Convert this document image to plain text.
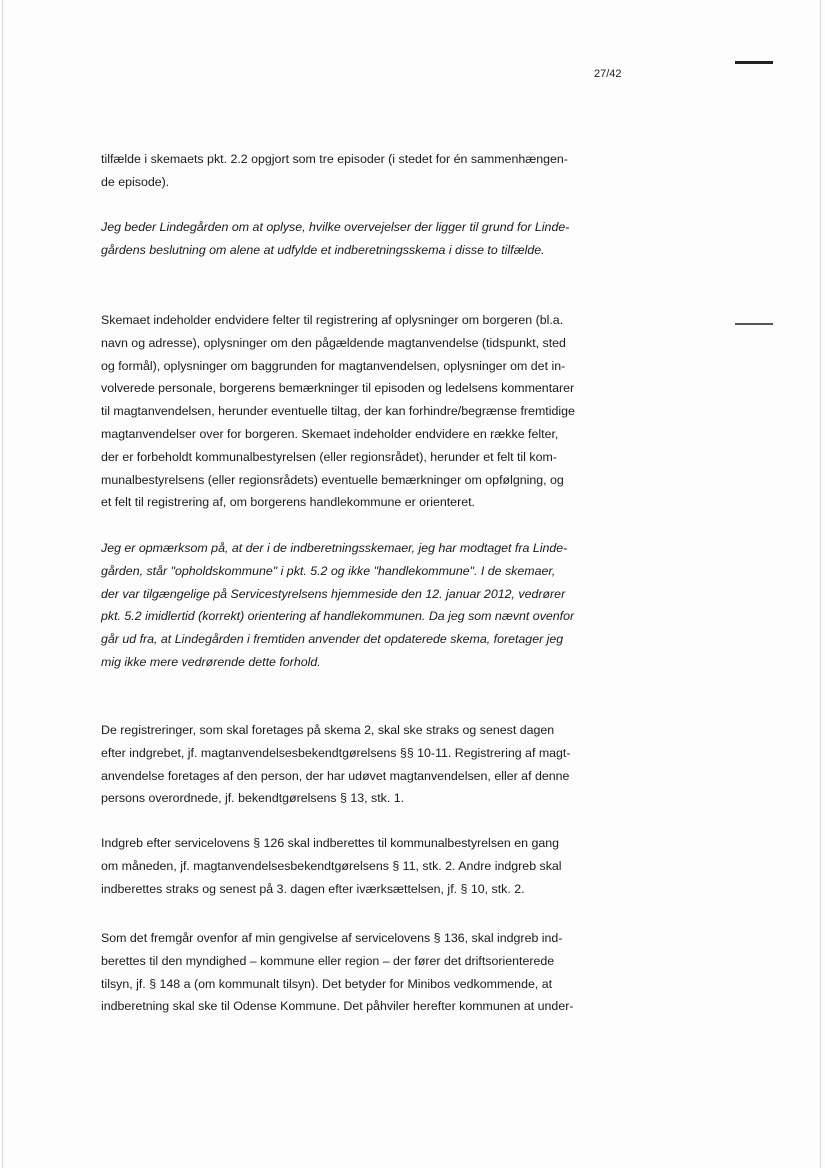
27/42

tilfælde i skemaets pkt. 2.2 opgjort som tre episoder (i stedet for én sammenhængen-
de episode).

Jeg beder Lindegården om at oplyse, hvilke overvejelser der ligger til grund for Linde-
gårdens beslutning om alene at udfylde et indberetningsskema i disse to tilfælde.

Skemaet indeholder endvidere felter til registrering af oplysninger om borgeren (bl.a.
navn og adresse), oplysninger om den pågældende magtanvendelse (tidspunkt, sted
og formål), oplysninger om baggrunden for magtanvendelsen, oplysninger om det in-
volverede personale, borgerens bemærkninger til episoden og ledelsens kommentarer
til magtanvendelsen, herunder eventuelle tiltag, der kan forhindre/begrænse fremtidige
magtanvendelser over for borgeren. Skemaet indeholder endvidere en række felter,
der er forbeholdt kommunalbestyrelsen (eller regionsrådet), herunder et felt til kom-
munalbestyrelsens (eller regionsrådets) eventuelle bemærkninger om opfølgning, og
et felt til registrering af, om borgerens handlekommune er orienteret.

Jeg er opmærksom på, at der i de indberetningsskemaer, jeg har modtaget fra Linde-
gården, står "opholdskommune" i pkt. 5.2 og ikke "handlekommune". I de skemaer,
der var tilgængelige på Servicestyrelsens hjemmeside den 12. januar 2012, vedrører
pkt. 5.2 imidlertid (korrekt) orientering af handlekommunen. Da jeg som nævnt ovenfor
går ud fra, at Lindegården i fremtiden anvender det opdaterede skema, foretager jeg
mig ikke mere vedrørende dette forhold.

De registreringer, som skal foretages på skema 2, skal ske straks og senest dagen
efter indgrebet, jf. magtanvendelsesbekendtgørelsens §§ 10-11. Registrering af magt-
anvendelse foretages af den person, der har udøvet magtanvendelsen, eller af denne
persons overordnede, jf. bekendtgørelsens § 13, stk. 1.

Indgreb efter servicelovens § 126 skal indberettes til kommunalbestyrelsen en gang
om måneden, jf. magtanvendelsesbekendtgørelsens § 11, stk. 2. Andre indgreb skal
indberettes straks og senest på 3. dagen efter iværksættelsen, jf. § 10, stk. 2.

Som det fremgår ovenfor af min gengivelse af servicelovens § 136, skal indgreb ind-
berettes til den myndighed – kommune eller region – der fører det driftsorienterede
tilsyn, jf. § 148 a (om kommunalt tilsyn). Det betyder for Minibos vedkommende, at
indberetning skal ske til Odense Kommune. Det påhviler herefter kommunen at under-
